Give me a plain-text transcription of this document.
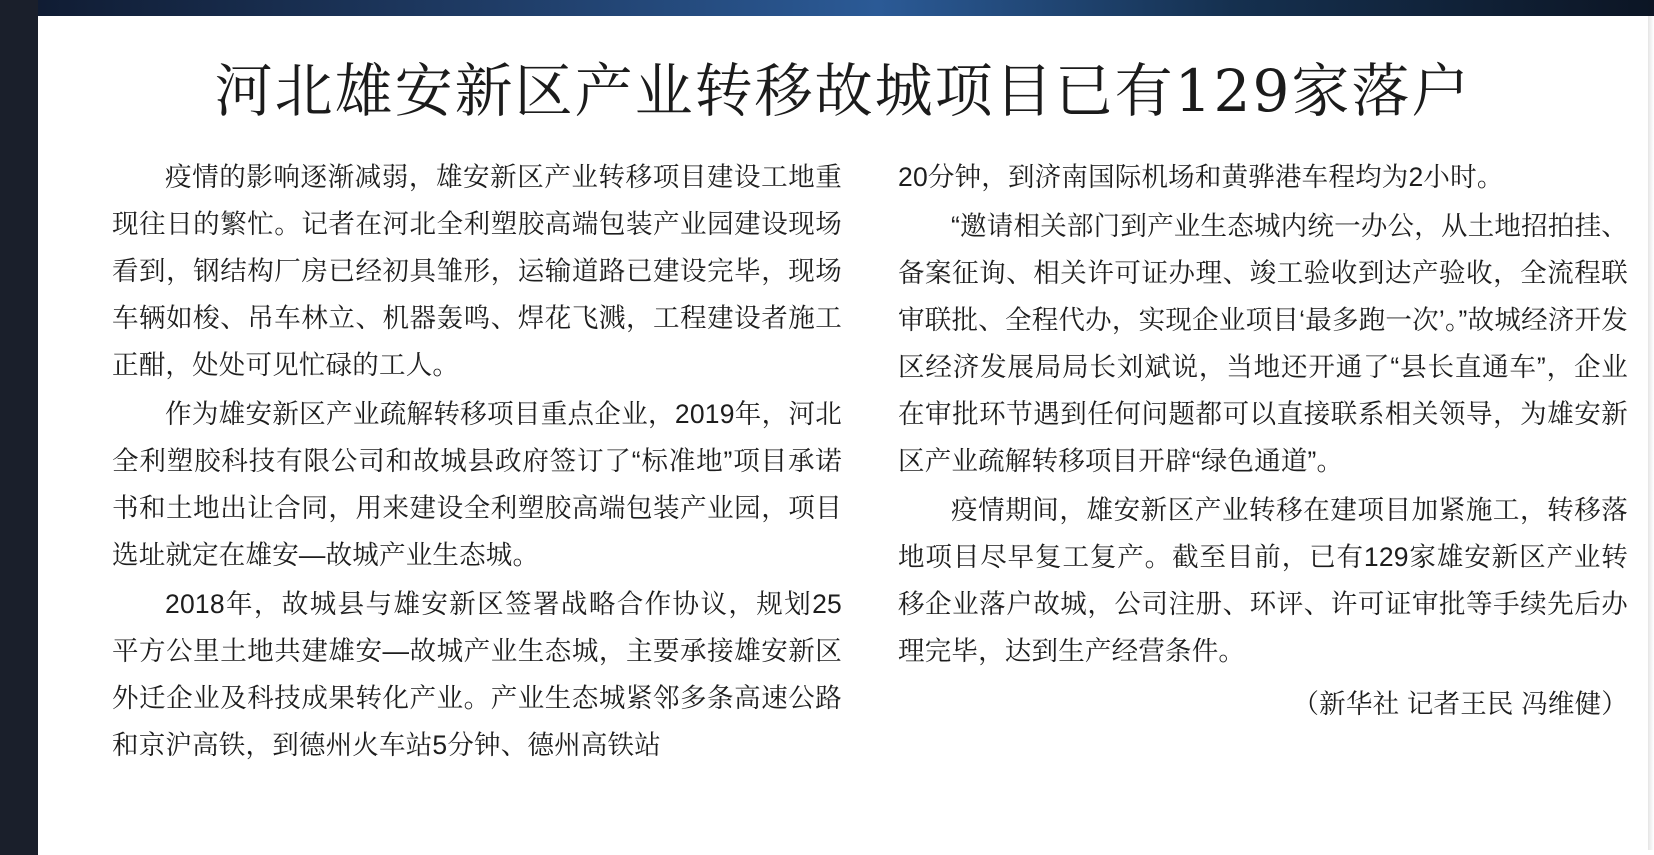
河北雄安新区产业转移故城项目已有129家落户

疫情的影响逐渐减弱，雄安新区产业转移项目建设工地重现往日的繁忙。记者在河北全利塑胶高端包装产业园建设现场看到，钢结构厂房已经初具雏形，运输道路已建设完毕，现场车辆如梭、吊车林立、机器轰鸣、焊花飞溅，工程建设者施工正酣，处处可见忙碌的工人。

作为雄安新区产业疏解转移项目重点企业，2019年，河北全利塑胶科技有限公司和故城县政府签订了“标准地”项目承诺书和土地出让合同，用来建设全利塑胶高端包装产业园，项目选址就定在雄安—故城产业生态城。

2018年，故城县与雄安新区签署战略合作协议，规划25平方公里土地共建雄安—故城产业生态城，主要承接雄安新区外迁企业及科技成果转化产业。产业生态城紧邻多条高速公路和京沪高铁，到德州火车站5分钟、德州高铁站

20分钟，到济南国际机场和黄骅港车程均为2小时。

“邀请相关部门到产业生态城内统一办公，从土地招拍挂、备案征询、相关许可证办理、竣工验收到达产验收，全流程联审联批、全程代办，实现企业项目‘最多跑一次’。”故城经济开发区经济发展局局长刘斌说，当地还开通了“县长直通车”，企业在审批环节遇到任何问题都可以直接联系相关领导，为雄安新区产业疏解转移项目开辟“绿色通道”。

疫情期间，雄安新区产业转移在建项目加紧施工，转移落地项目尽早复工复产。截至目前，已有129家雄安新区产业转移企业落户故城，公司注册、环评、许可证审批等手续先后办理完毕，达到生产经营条件。

（新华社 记者王民 冯维健）
